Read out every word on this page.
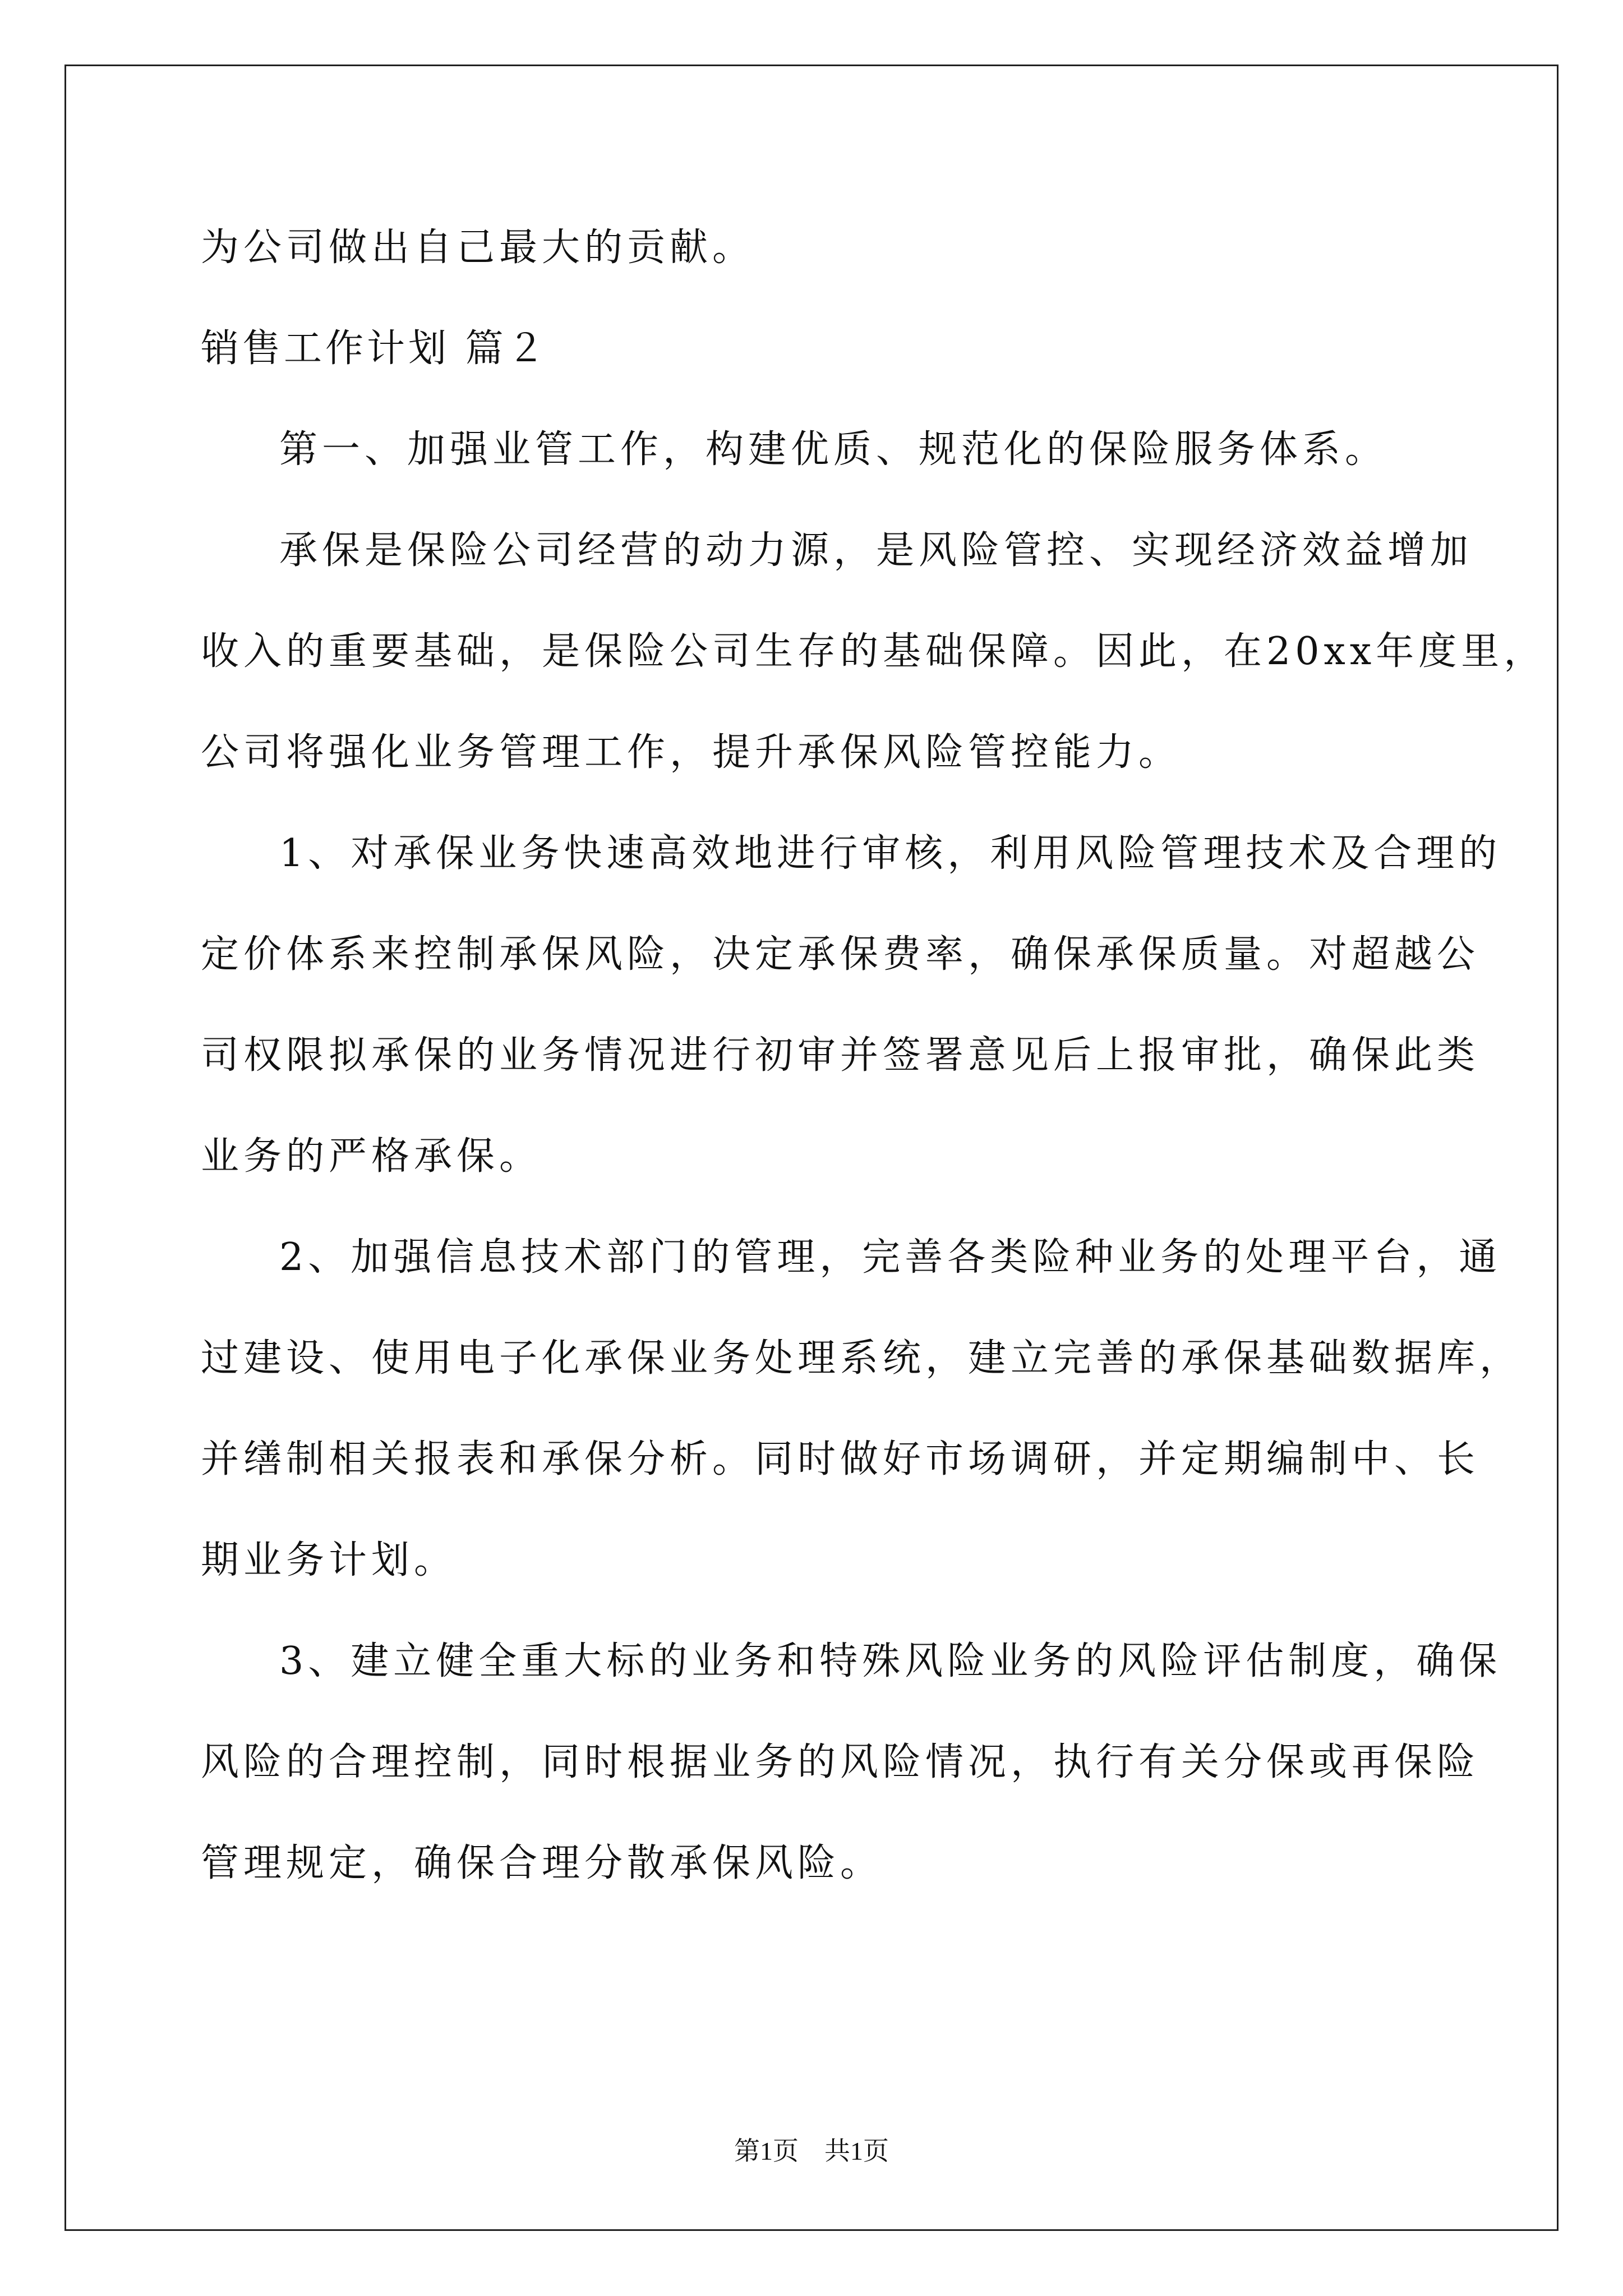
为公司做出自己最大的贡献。
销售工作计划 篇２
第一、加强业管工作，构建优质、规范化的保险服务体系。
承保是保险公司经营的动力源，是风险管控、实现经济效益增加
收入的重要基础，是保险公司生存的基础保障。因此，在20xx年度里，
公司将强化业务管理工作，提升承保风险管控能力。
1、对承保业务快速高效地进行审核，利用风险管理技术及合理的
定价体系来控制承保风险，决定承保费率，确保承保质量。对超越公
司权限拟承保的业务情况进行初审并签署意见后上报审批，确保此类
业务的严格承保。
2、加强信息技术部门的管理，完善各类险种业务的处理平台，通
过建设、使用电子化承保业务处理系统，建立完善的承保基础数据库，
并缮制相关报表和承保分析。同时做好市场调研，并定期编制中、长
期业务计划。
3、建立健全重大标的业务和特殊风险业务的风险评估制度，确保
风险的合理控制，同时根据业务的风险情况，执行有关分保或再保险
管理规定，确保合理分散承保风险。
第1页　共1页
